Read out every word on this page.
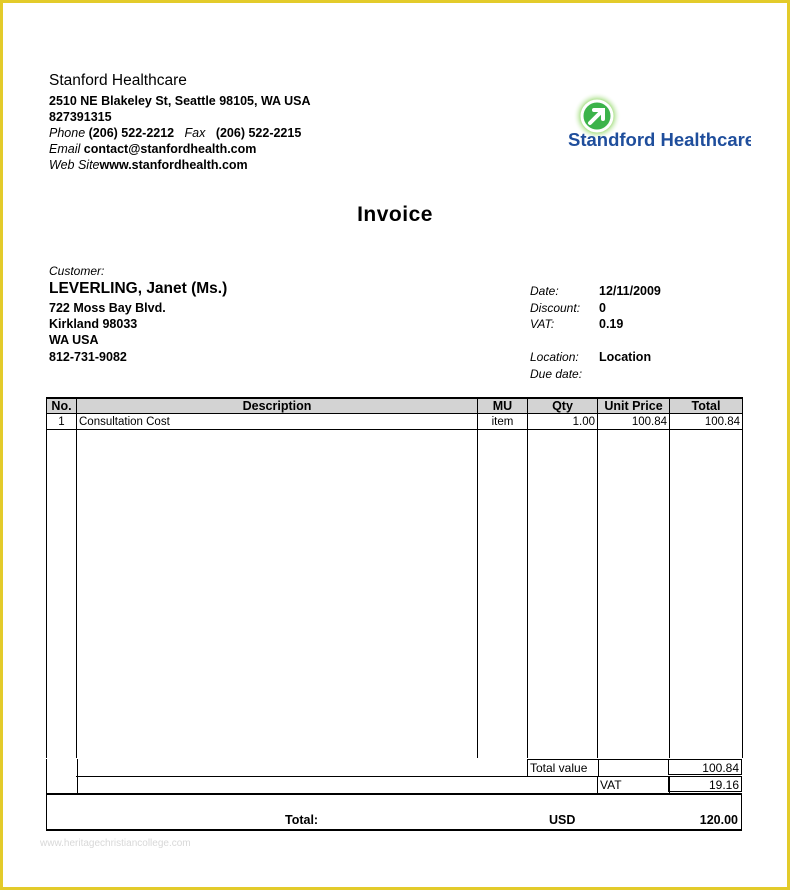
Stanford Healthcare
2510 NE Blakeley St, Seattle 98105, WA USA
827391315
Phone (206) 522-2212 Fax (206) 522-2215
Email contact@stanfordhealth.com
Web Sitewww.stanfordhealth.com
Standford Healthcare
Invoice
Customer:
LEVERLING, Janet (Ms.)
722 Moss Bay Blvd.
Kirkland 98033
WA USA
812-731-9082
Date:	12/11/2009
Discount: 0
VAT:	0.19
Location: Location
Due date:
No.	Description	MU	Qty	Unit Price	Total
1	Consultation Cost	item	1.00	100.84	100.84

Total value	100.84
VAT	19.16
Total:	USD	120.00
www.heritagechristiancollege.com
